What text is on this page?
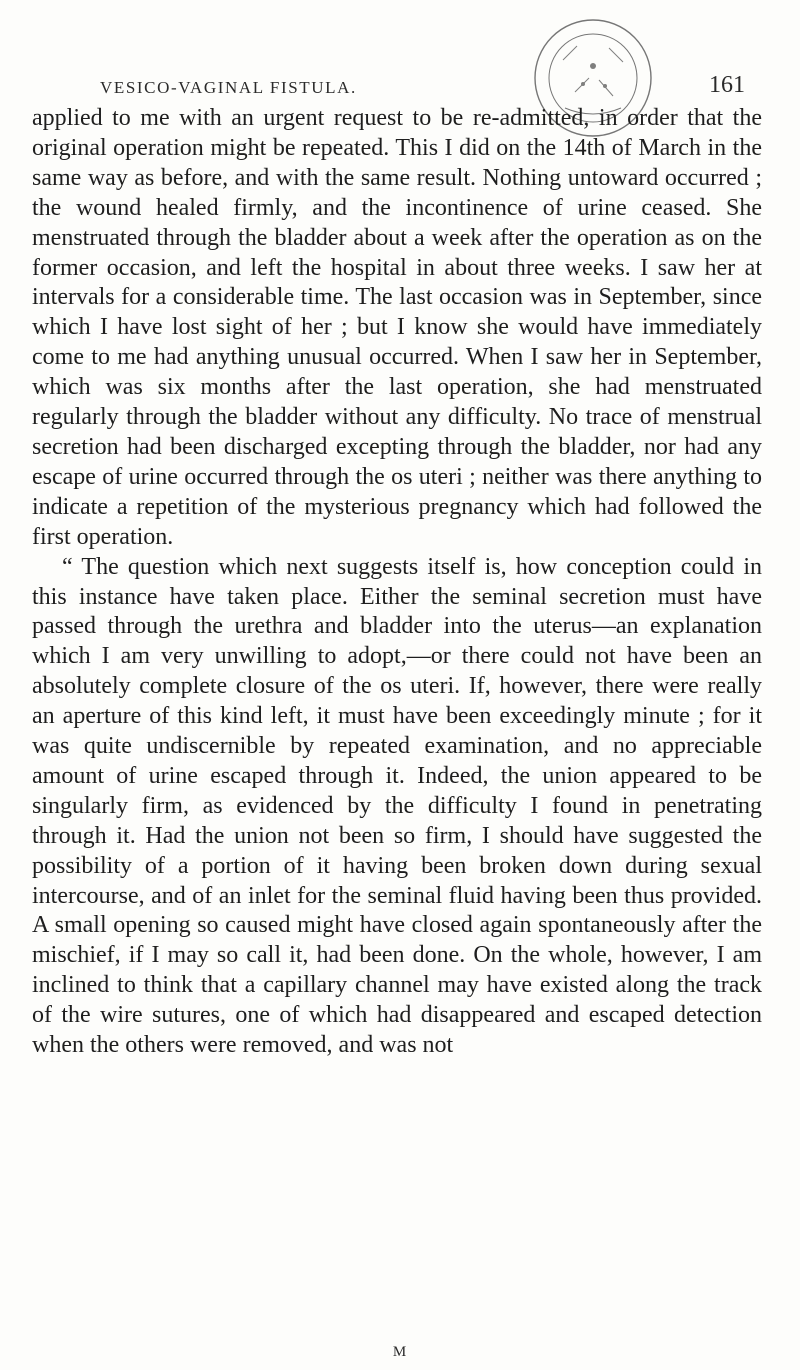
VESICO-VAGINAL FISTULA.	161

applied to me with an urgent request to be re-admitted, in order that the original operation might be repeated. This I did on the 14th of March in the same way as before, and with the same result. Nothing untoward occurred ; the wound healed firmly, and the incontinence of urine ceased. She menstruated through the bladder about a week after the operation as on the former occasion, and left the hospital in about three weeks. I saw her at intervals for a considerable time. The last occasion was in September, since which I have lost sight of her ; but I know she would have immediately come to me had anything unusual occurred. When I saw her in September, which was six months after the last operation, she had menstruated regularly through the bladder without any difficulty. No trace of menstrual secretion had been discharged excepting through the bladder, nor had any escape of urine occurred through the os uteri ; neither was there anything to indicate a repetition of the mysterious pregnancy which had followed the first operation.

“ The question which next suggests itself is, how conception could in this instance have taken place. Either the seminal secretion must have passed through the urethra and bladder into the uterus—an explanation which I am very unwilling to adopt,—or there could not have been an absolutely complete closure of the os uteri. If, however, there were really an aperture of this kind left, it must have been exceedingly minute ; for it was quite undiscernible by repeated examination, and no appreciable amount of urine escaped through it. Indeed, the union appeared to be singularly firm, as evidenced by the difficulty I found in penetrating through it. Had the union not been so firm, I should have suggested the possibility of a portion of it having been broken down during sexual intercourse, and of an inlet for the seminal fluid having been thus provided. A small opening so caused might have closed again spontaneously after the mischief, if I may so call it, had been done. On the whole, however, I am inclined to think that a capillary channel may have existed along the track of the wire sutures, one of which had disappeared and escaped detection when the others were removed, and was not

M
